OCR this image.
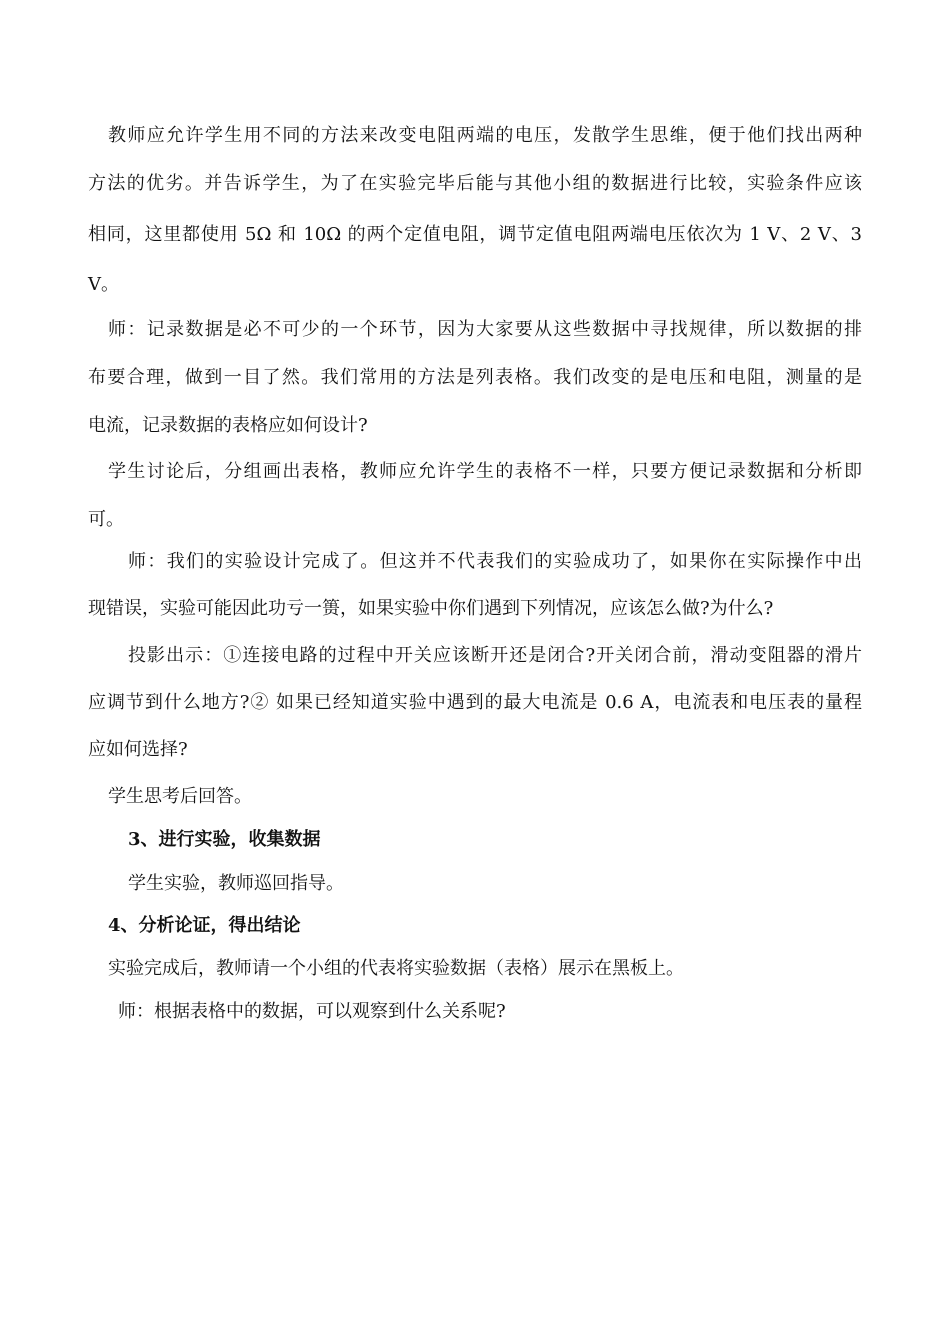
教师应允许学生用不同的方法来改变电阻两端的电压，发散学生思维，便于他们找出两种
方法的优劣。并告诉学生，为了在实验完毕后能与其他小组的数据进行比较，实验条件应该
相同，这里都使用 5Ω 和 10Ω 的两个定值电阻，调节定值电阻两端电压依次为 1 V、2 V、3
V。
师：记录数据是必不可少的一个环节，因为大家要从这些数据中寻找规律，所以数据的排
布要合理，做到一目了然。我们常用的方法是列表格。我们改变的是电压和电阻，测量的是
电流，记录数据的表格应如何设计?
学生讨论后，分组画出表格，教师应允许学生的表格不一样，只要方便记录数据和分析即
可。
师：我们的实验设计完成了。但这并不代表我们的实验成功了，如果你在实际操作中出
现错误，实验可能因此功亏一篑，如果实验中你们遇到下列情况，应该怎么做?为什么?
投影出示：①连接电路的过程中开关应该断开还是闭合?开关闭合前，滑动变阻器的滑片
应调节到什么地方?② 如果已经知道实验中遇到的最大电流是 0.6 A，电流表和电压表的量程
应如何选择?
学生思考后回答。
3、进行实验，收集数据
学生实验，教师巡回指导。
4、分析论证，得出结论
实验完成后，教师请一个小组的代表将实验数据（表格）展示在黑板上。
师：根据表格中的数据，可以观察到什么关系呢?
